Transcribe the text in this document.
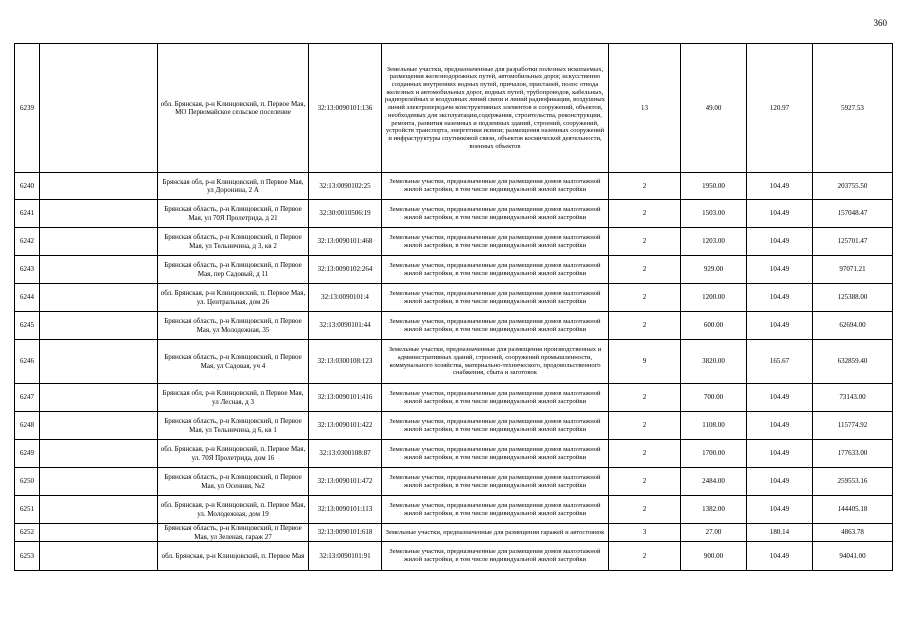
360
6239		обл. Брянская, р-н Клинцовский, п. Первое Мая, МО Первомайское сельское поселение	32:13:0090101:136	Земельные участки, предназначенные для разработки полезных ископаемых, размещения железнодорожных путей, автомобильных дорог, искусственно созданных внутренних водных путей, причалов, пристаней, полос отвода железных и автомобильных дорог, водных путей, трубопроводов, кабельных, радиорелейных и воздушных линий связи и линий радиофикации, воздушных линий электропередачи конструктивных элементов и сооружений, объектов, необходимых для эксплуатации,содержания, строительства, реконструкции, ремонта, развития наземных и подземных зданий, строений, сооружений, устройств транспорта, энергетики исвязи; размещения наземных сооружений и инфраструктуры спутниковой связи, объектов космической деятельности, военных объектов	13	49.00	120.97	5927.53
6240		Брянская обл, р-н Клинцовский, п Первое Мая, ул Доронина, 2 А	32:13:0090102:25	Земельные участки, предназначенные для размещения домов малоэтажной жилой застройки, в том числе индивидуальной жилой застройки	2	1950.00	104.49	203755.50
6241		Брянская область, р-н Клинцовский, п Первое Мая, ул 70Я Пролетрида, д 21	32:30:0010506:19	Земельные участки, предназначенные для размещения домов малоэтажной жилой застройки, в том числе индивидуальной жилой застройки	2	1503.00	104.49	157048.47
6242		Брянская область, р-н Клинцовский, п Первое Мая, ул Тельничина, д 3, кв 2	32:13:0090101:468	Земельные участки, предназначенные для размещения домов малоэтажной жилой застройки, в том числе индивидуальной жилой застройки	2	1203.00	104.49	125701.47
6243		Брянская область, р-н Клинцовский, п Первое Мая, пер Садовый, д 11	32:13:0090102:264	Земельные участки, предназначенные для размещения домов малоэтажной жилой застройки, в том числе индивидуальной жилой застройки	2	929.00	104.49	97071.21
6244		обл. Брянская, р-н Клинцовский, п. Первое Мая, ул. Центральная, дом 26	32:13:0090101:4	Земельные участки, предназначенные для размещения домов малоэтажной жилой застройки, в том числе индивидуальной жилой застройки	2	1200.00	104.49	125388.00
6245		Брянская область, р-н Клинцовский, п Первое Мая, ул Молодежная, 35	32:13:0090101:44	Земельные участки, предназначенные для размещения домов малоэтажной жилой застройки, в том числе индивидуальной жилой застройки	2	600.00	104.49	62694.00
6246		Брянская область, р-н Клинцовский, п Первое Мая, ул Садовая, уч 4	32:13:0300108:123	Земельные участки, предназначенные для размещения производственных и административных зданий, строений, сооружений промышленности, коммунального хозяйства, материально-технического, продовольственного снабжения, сбыта и заготовок	9	3820.00	165.67	632859.40
6247		Брянская обл, р-н Клинцовский, п Первое Мая, ул Лесная, д 3	32:13:0090101:416	Земельные участки, предназначенные для размещения домов малоэтажной жилой застройки, в том числе индивидуальной жилой застройки	2	700.00	104.49	73143.00
6248		Брянская область, р-н Клинцовский, п Первое Мая, ул Тельничина, д 6, кв 1	32:13:0090101:422	Земельные участки, предназначенные для размещения домов малоэтажной жилой застройки, в том числе индивидуальной жилой застройки	2	1108.00	104.49	115774.92
6249		обл. Брянская, р-н Клинцовский, п. Первое Мая, ул. 70Я Пролетрида, дом 16	32:13:0300108:87	Земельные участки, предназначенные для размещения домов малоэтажной жилой застройки, в том числе индивидуальной жилой застройки	2	1700.00	104.49	177633.00
6250		Брянская область, р-н Клинцовский, п Первое Мая, ул Осенняя, №2	32:13:0090101:472	Земельные участки, предназначенные для размещения домов малоэтажной жилой застройки, в том числе индивидуальной жилой застройки	2	2484.00	104.49	259553.16
6251		обл. Брянская, р-н Клинцовский, п. Первое Мая, ул. Молодежная, дом 19	32:13:0090101:113	Земельные участки, предназначенные для размещения домов малоэтажной жилой застройки, в том числе индивидуальной жилой застройки	2	1382.00	104.49	144405.18
6252		Брянская область, р-н Клинцовский, п Первое Мая, ул Зеленая, гараж 27	32:13:0090101:618	Земельные участки, предназначенные для размещения гаражей и автостоянок	3	27.00	180.14	4863.78
6253		обл. Брянская, р-н Клинцовский, п. Первое Мая	32:13:0090101:91	Земельные участки, предназначенные для размещения домов малоэтажной жилой застройки, в том числе индивидуальной жилой застройки	2	900.00	104.49	94041.00
